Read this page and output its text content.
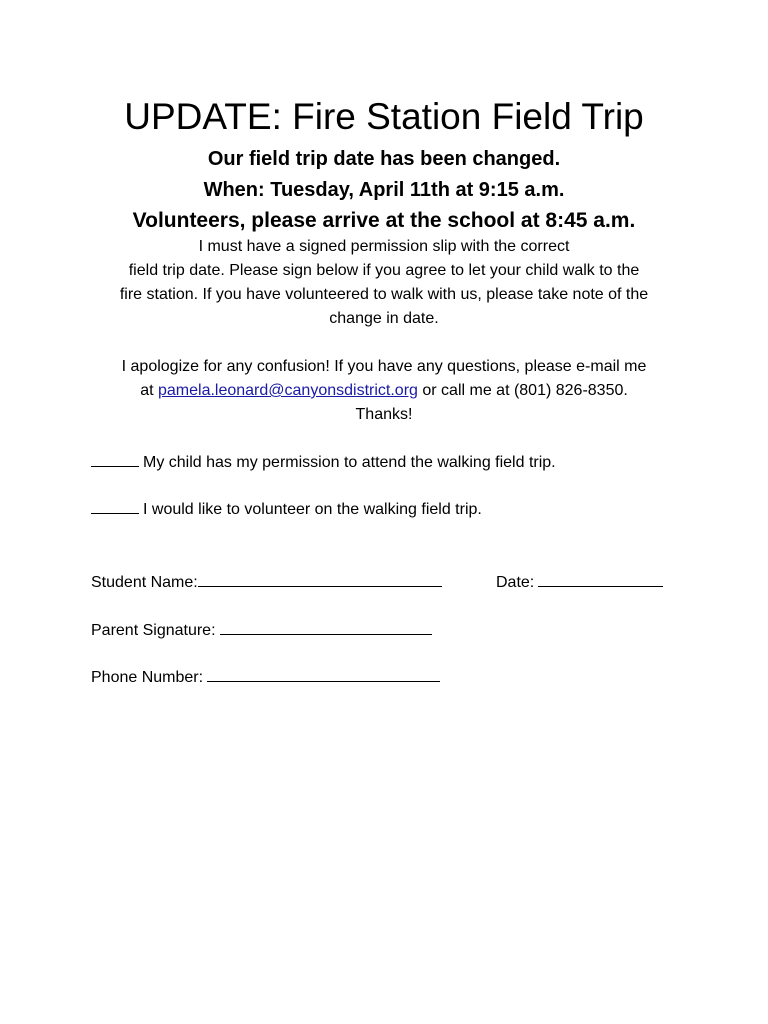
UPDATE: Fire Station Field Trip

Our field trip date has been changed.

When: Tuesday, April 11th at 9:15 a.m.

Volunteers, please arrive at the school at 8:45 a.m.

I must have a signed permission slip with the correct
field trip date. Please sign below if you agree to let your child walk to the
fire station. If you have volunteered to walk with us, please take note of the
change in date.
I apologize for any confusion! If you have any questions, please e-mail me
at pamela.leonard@canyonsdistrict.org or call me at (801) 826-8350.
Thanks!

My child has my permission to attend the walking field trip.

I would like to volunteer on the walking field trip.

Student Name:	Date:

Parent Signature:

Phone Number:
